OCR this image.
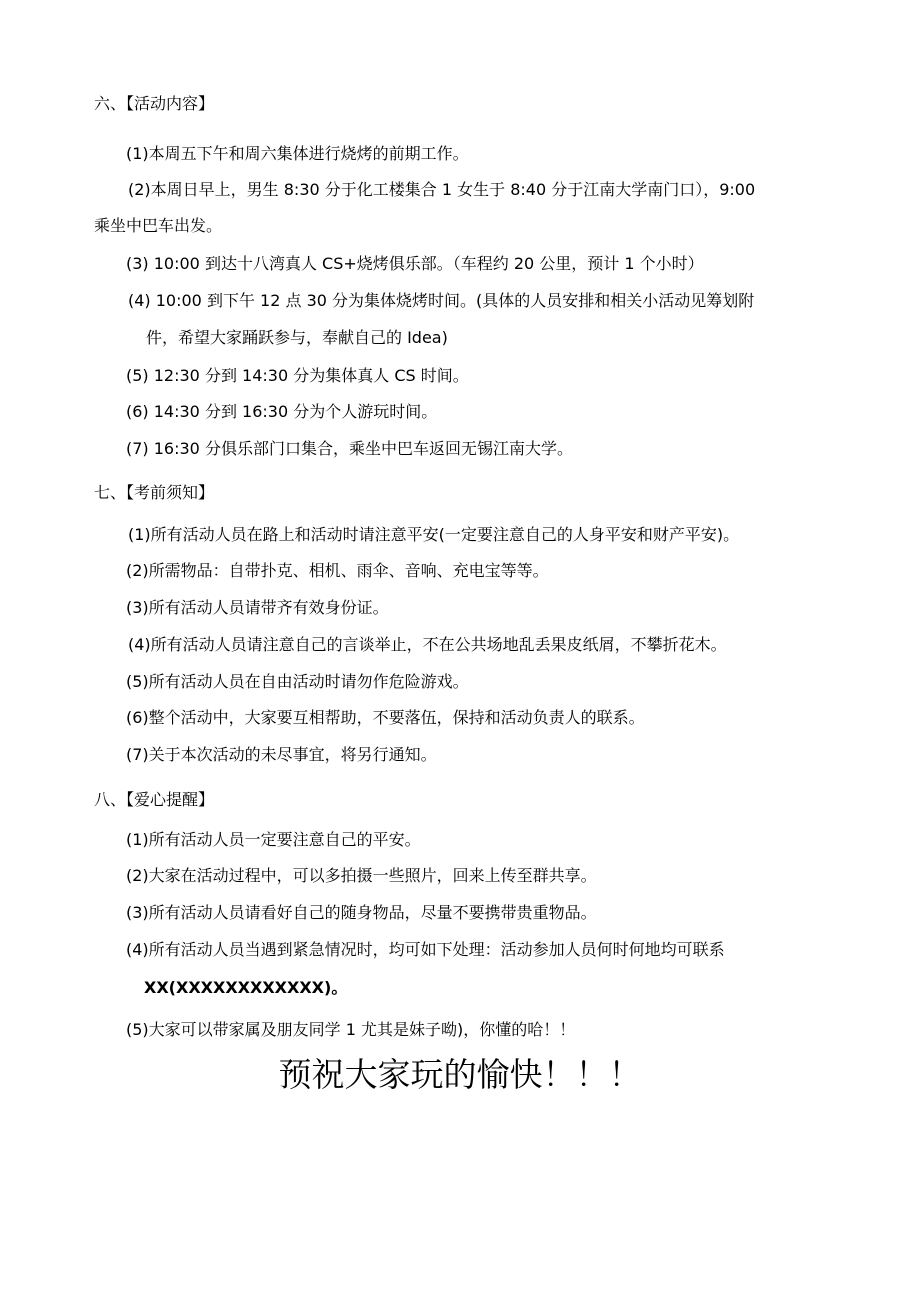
六、【活动内容】
(1)本周五下午和周六集体进行烧烤的前期工作。
(2)本周日早上，男生 8:30 分于化工楼集合 1 女生于 8:40 分于江南大学南门口），9:00
乘坐中巴车出发。
(3) 10:00 到达十八湾真人 CS+烧烤俱乐部。（车程约 20 公里，预计 1 个小时）
(4) 10:00 到下午 12 点 30 分为集体烧烤时间。(具体的人员安排和相关小活动见筹划附
件，希望大家踊跃参与，奉献自己的 Idea)
(5) 12:30 分到 14:30 分为集体真人 CS 时间。
(6) 14:30 分到 16:30 分为个人游玩时间。
(7) 16:30 分俱乐部门口集合，乘坐中巴车返回无锡江南大学。
七、【考前须知】
(1)所有活动人员在路上和活动时请注意平安(一定要注意自己的人身平安和财产平安)。
(2)所需物品：自带扑克、相机、雨伞、音响、充电宝等等。
(3)所有活动人员请带齐有效身份证。
(4)所有活动人员请注意自己的言谈举止，不在公共场地乱丢果皮纸屑，不攀折花木。
(5)所有活动人员在自由活动时请勿作危险游戏。
(6)整个活动中，大家要互相帮助，不要落伍，保持和活动负责人的联系。
(7)关于本次活动的未尽事宜，将另行通知。
八、【爱心提醒】
(1)所有活动人员一定要注意自己的平安。
(2)大家在活动过程中，可以多拍摄一些照片，回来上传至群共享。
(3)所有活动人员请看好自己的随身物品，尽量不要携带贵重物品。
(4)所有活动人员当遇到紧急情况时，均可如下处理：活动参加人员何时何地均可联系
XX(XXXXXXXXXXXX)。
(5)大家可以带家属及朋友同学 1 尤其是妹子呦)，你懂的哈！！
预祝大家玩的愉快！！！
